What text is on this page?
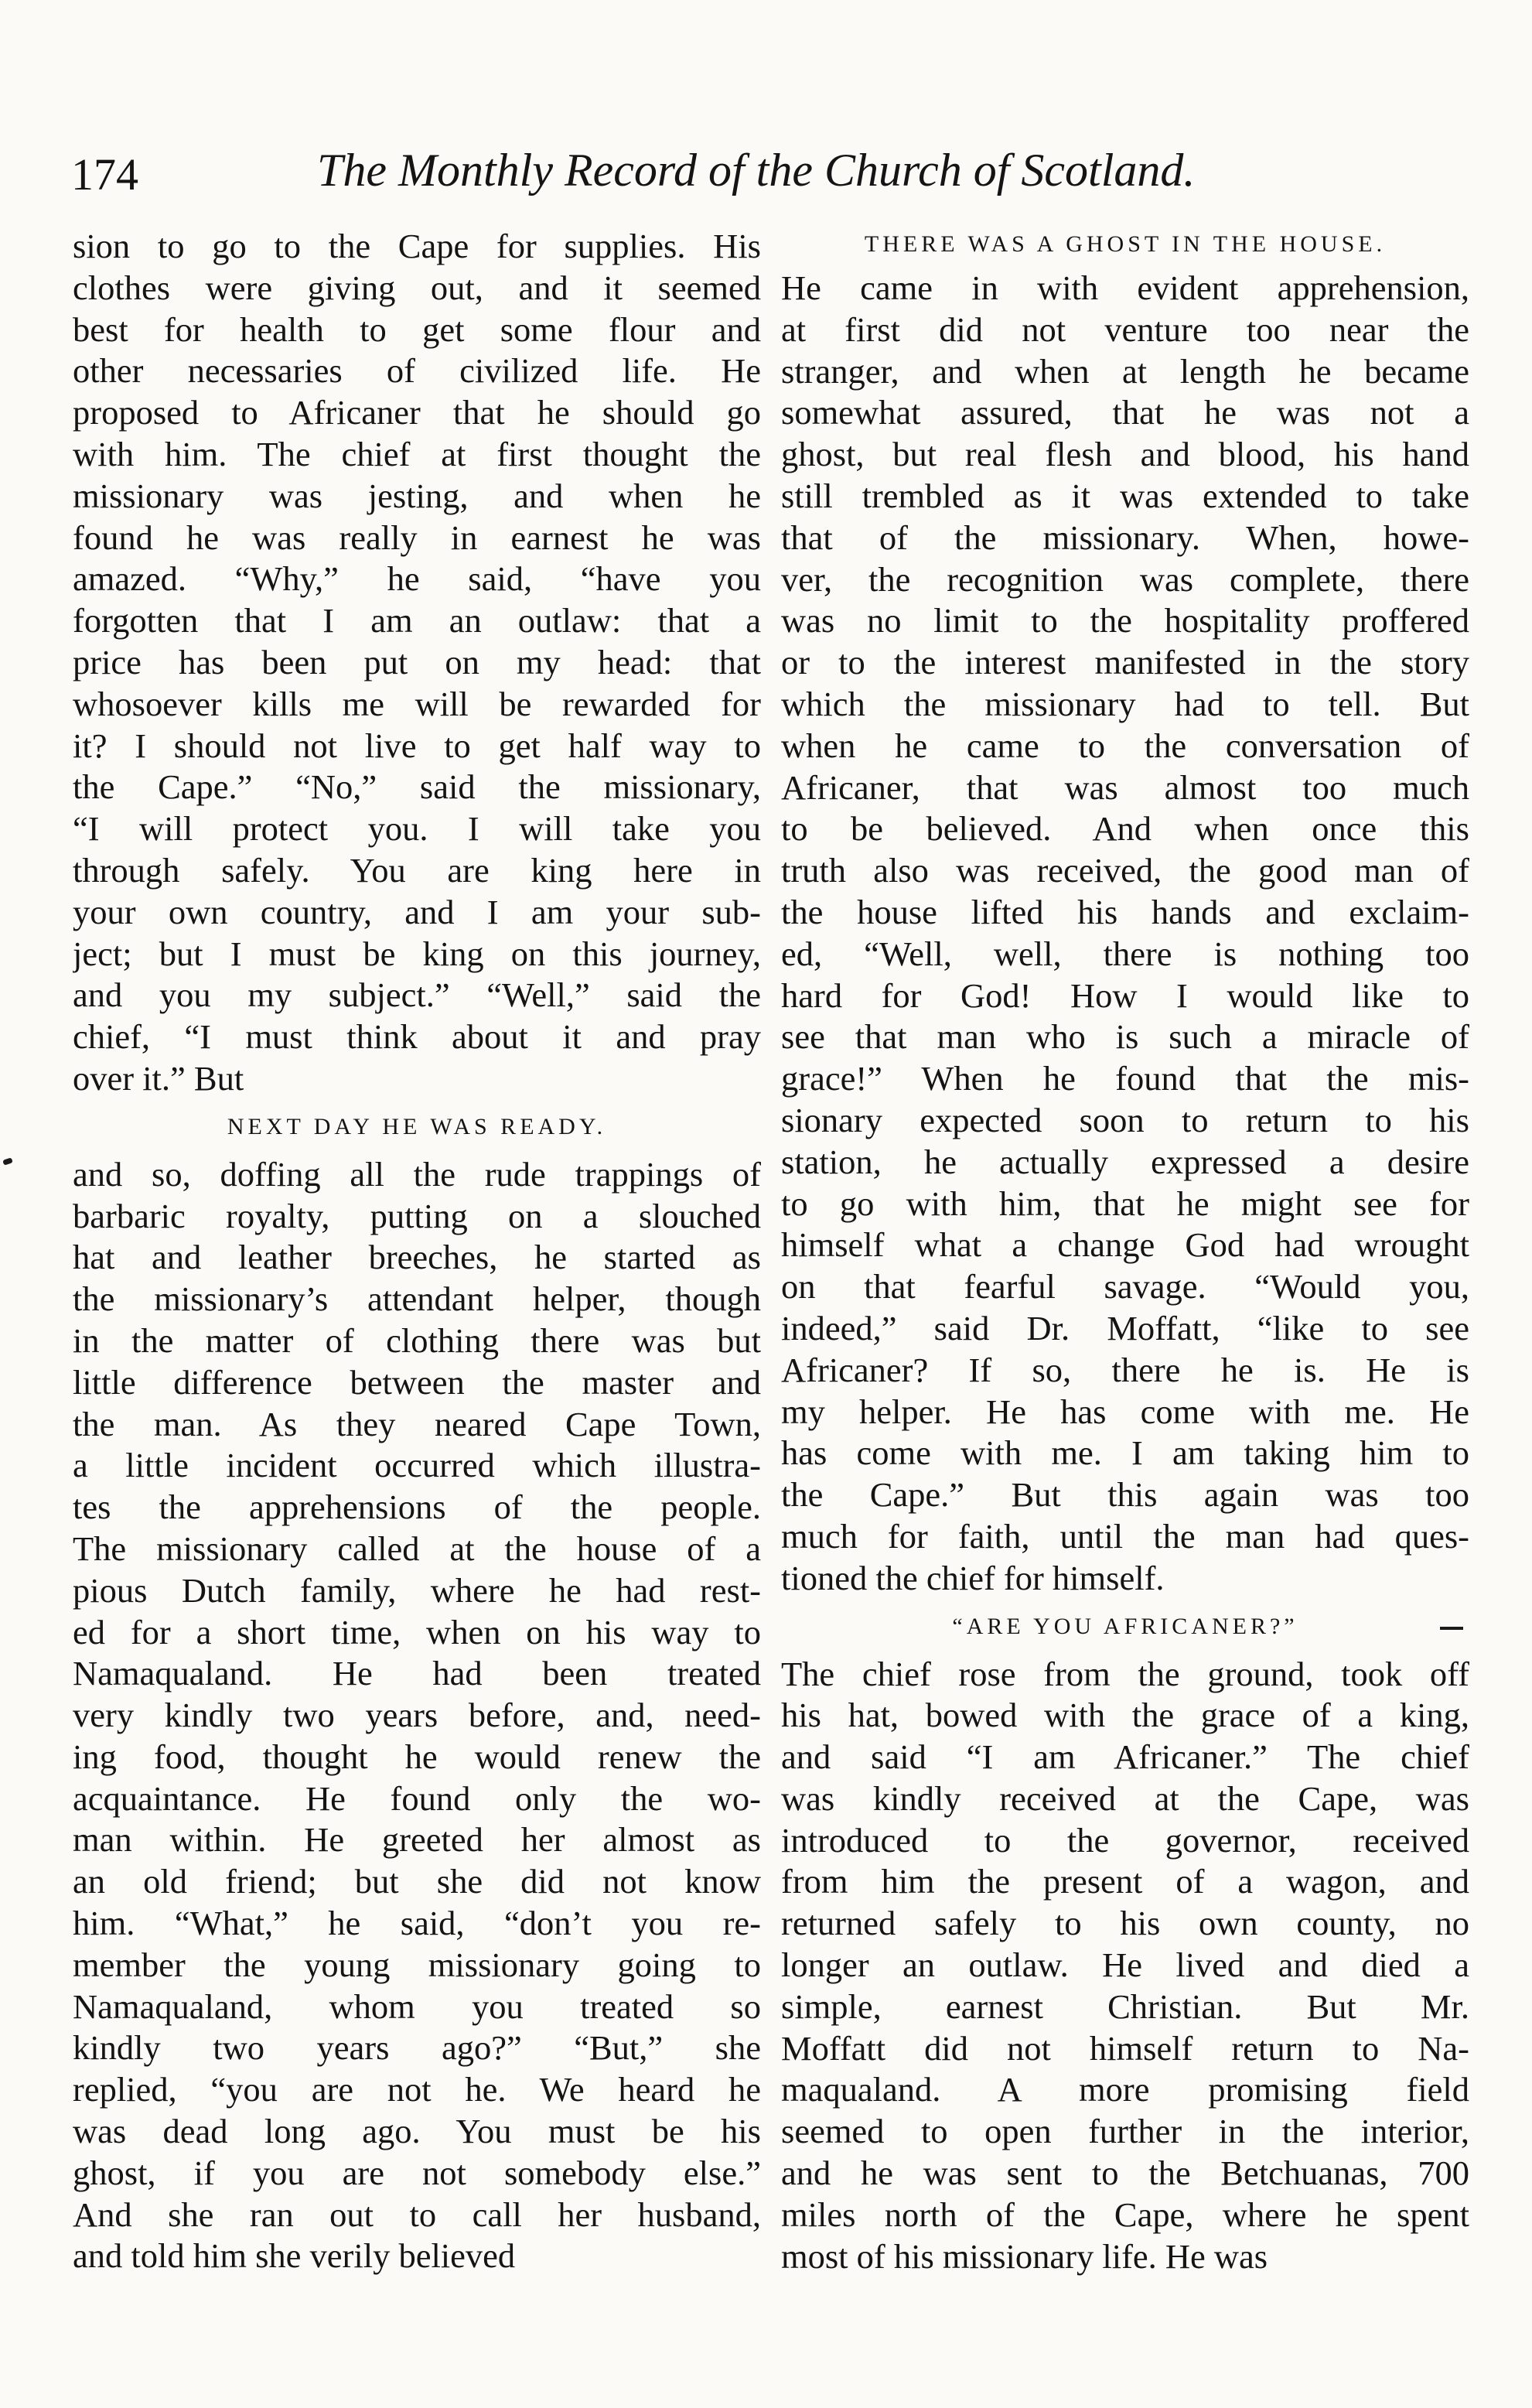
174	The Monthly Record of the Church of Scotland.
sion to go to the Cape for supplies. His
clothes were giving out, and it seemed
best for health to get some flour and
other necessaries of civilized life. He
proposed to Africaner that he should go
with him. The chief at first thought the
missionary was jesting, and when he
found he was really in earnest he was
amazed. “Why,” he said, “have you
forgotten that I am an outlaw: that a
price has been put on my head: that
whosoever kills me will be rewarded for
it? I should not live to get half way to
the Cape.” “No,” said the missionary,
“I will protect you. I will take you
through safely. You are king here in
your own country, and I am your sub-
ject; but I must be king on this journey,
and you my subject.” “Well,” said the
chief, “I must think about it and pray
over it.” But
NEXT DAY HE WAS READY.
and so, doffing all the rude trappings of
barbaric royalty, putting on a slouched
hat and leather breeches, he started as
the missionary’s attendant helper, though
in the matter of clothing there was but
little difference between the master and
the man. As they neared Cape Town,
a little incident occurred which illustra-
tes the apprehensions of the people.
The missionary called at the house of a
pious Dutch family, where he had rest-
ed for a short time, when on his way to
Namaqualand. He had been treated
very kindly two years before, and, need-
ing food, thought he would renew the
acquaintance. He found only the wo-
man within. He greeted her almost as
an old friend; but she did not know
him. “What,” he said, “don’t you re-
member the young missionary going to
Namaqualand, whom you treated so
kindly two years ago?” “But,” she
replied, “you are not he. We heard he
was dead long ago. You must be his
ghost, if you are not somebody else.”
And she ran out to call her husband,
and told him she verily believed
THERE WAS A GHOST IN THE HOUSE.
He came in with evident apprehension,
at first did not venture too near the
stranger, and when at length he became
somewhat assured, that he was not a
ghost, but real flesh and blood, his hand
still trembled as it was extended to take
that of the missionary. When, howe-
ver, the recognition was complete, there
was no limit to the hospitality proffered
or to the interest manifested in the story
which the missionary had to tell. But
when he came to the conversation of
Africaner, that was almost too much
to be believed. And when once this
truth also was received, the good man of
the house lifted his hands and exclaim-
ed, “Well, well, there is nothing too
hard for God! How I would like to
see that man who is such a miracle of
grace!” When he found that the mis-
sionary expected soon to return to his
station, he actually expressed a desire
to go with him, that he might see for
himself what a change God had wrought
on that fearful savage. “Would you,
indeed,” said Dr. Moffatt, “like to see
Africaner? If so, there he is. He is
my helper. He has come with me. He
has come with me. I am taking him to
the Cape.” But this again was too
much for faith, until the man had ques-
tioned the chief for himself.
“ARE YOU AFRICANER?”
The chief rose from the ground, took off
his hat, bowed with the grace of a king,
and said “I am Africaner.” The chief
was kindly received at the Cape, was
introduced to the governor, received
from him the present of a wagon, and
returned safely to his own county, no
longer an outlaw. He lived and died a
simple, earnest Christian. But Mr.
Moffatt did not himself return to Na-
maqualand. A more promising field
seemed to open further in the interior,
and he was sent to the Betchuanas, 700
miles north of the Cape, where he spent
most of his missionary life. He was
